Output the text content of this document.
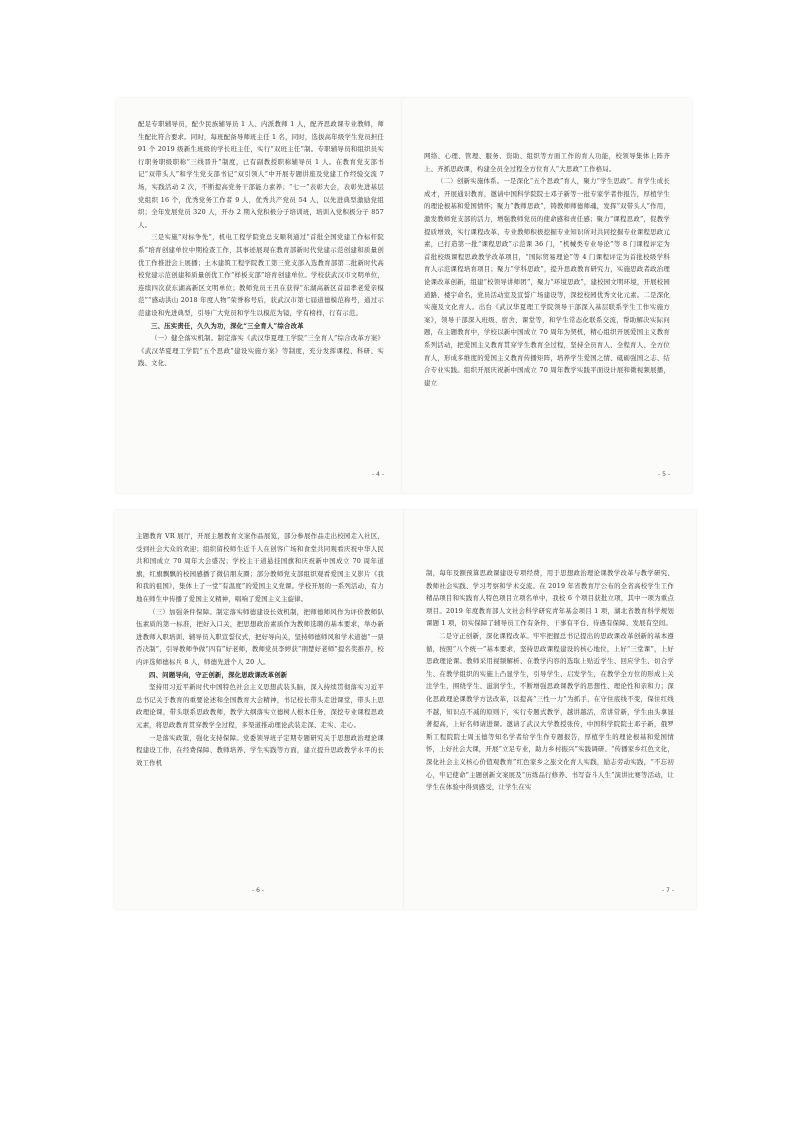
配足专职辅导员，配少民族辅导员 1 人、内派教师 1 人，配齐思政课专业教师，师生配比符合要求。同时，每班配备导师班主任 1 名，同时，选拔高年级学生党员担任 91 个 2019 级新生班级的学长班主任，实行“双班主任”制。专职辅导员和组织员实行职务职级职称“三线晋升”制度，已有副教授职称辅导员 1 人。在教育党支部书记“双带头人”和学生党支部书记“双引领人”中开展专题讲座及党建工作经验交流 7 场，实践活动 2 次，不断提高党务干部能力素养；“七一”表彰大会，表彰先进基层党组织 16 个，优秀党务工作者 9 人，优秀共产党员 54 人，以先进典型激励党组织；全年发展党员 320 人，开办 2 期入党积极分子培训班，培训入党积极分子 857 人。

三是实施“对标争先”，机电工程学院党总支顺利通过“首批全国党建工作标杆院系”培育创建单位中期检查工作，其事迹展现在教育部新时代党建示范创建和质量创优工作推进会上展播；土木建筑工程学院教工第三党支部入选教育部第二批新时代高校党建示范创建和质量创优工作“样板支部”培育创建单位。学校获武汉市文明单位，连续四次获东湖高新区文明单位；教师党员王丑在获得“东湖高新区首届孝老爱亲模范”“感动洪山 2018 年度人物”荣誉称号后，获武汉市第七届道德模范称号，通过示范建设和先进典型，引导广大党员和学生以模范为镜，学有榜样，行有示范。

三、压实责任，久久为功，深化“三全育人”综合改革

（一）健全落实机制。制定落实《武汉华夏理工学院“三全育人”综合改革方案》《武汉华夏理工学院“五个思政”建设实施方案》等制度，充分发挥课程、科研、实践、文化、

- 4 -

网络、心理、管理、服务、资助、组织等方面工作的育人功能，校领导集体上阵齐上、齐抓思政课，构建全员全过程全方位育人“大思政”工作格局。

（二）创新实施体系。一是深化“五个思政”育人，聚力“学生思政”。育学生成长成才，开展通识教育，邀请中国科学院院士邓子新等一批专家学者作报告，厚植学生的理论根基和爱国情怀；聚力“教师思政”，铸教师师德师魂，发挥“双带头人”作用，激发教师党支部的活力，增强教师党员的使命感和责任感；聚力“课程思政”，促教学提质增效，实行课程改革，专业教师积极挖掘专业知识所对共同挖掘专业课程思政元素，已打造第一批“课程思政”示范课 36 门，“机械类专业导论”等 8 门课程评定为首批校级课程思政教学改革项目，“国际贸易理论”等 4 门课程评定为首批校级学科育人示范课程培育项目；聚力“学科思政”，提升思政教育研究力，实施思政者政治理论课改革创新，组建“校领导讲师团”，聚力“环境思政”，建校园文明环境，开展校园道路、楼宇命名，党员活动室及宣誓广场建设等，深挖校园优秀文化元素。二是深化实施及文化育人。出台《武汉华夏理工学院领导干部深入基层联系学生工作实施方案》，领导干部深入班级、宿舍、课堂等，和学生常态化联系交流，帮助解决实际问题，在主题教育中，学校以新中国成立 70 周年为契机，精心组织开展爱国主义教育系列活动，把爱国主义教育贯穿学生教育全过程，坚持全员育人、全程育人、全方位育人，形成多维度的爱国主义教育传播矩阵，培养学生爱国之情、砥砺强国之志、结合专业实践。组织开展庆祝新中国成立 70 周年教学实践平面设计展和微视频展播，建立

- 5 -

主题教育 VR 展厅，开展主题教育文案作品展览，部分参展作品走出校园走入社区，受到社会大众的欢迎；组织留校师生近千人在创客广场和食堂共同观看庆祝中华人民共和国成立 70 周年大会盛况；学校主干道悬挂国旗和庆祝新中国成立 70 周年道旗，红旗飘飘的校园感播了微信朋友圈；部分教师党支部组织观看爱国主义影片《我和我的祖国》，集体上了一堂“有温度”的爱国主义党课。学校开展的一系列活动，有力地在师生中传播了爱国主义精神，唱响了爱国主义主旋律。

（三）加强条件保障。制定落实师德建设长效机制，把师德师风作为评价教师队伍素质的第一标准，把好入口关，把思想政治素质作为教师选聘的基本要求，举办新进教师入职培训、辅导员入职宣誓仪式，把好导向关，坚持师德师风和学术道德“一票否决制”，引导教师争做“四有”好老师，教师党员李婷获“荆楚好老师”提名奖推荐，校内评选师德标兵 8 人，师德先进个人 20 人。

四、问题导向，守正创新，深化思政课改革创新

坚持用习近平新时代中国特色社会主义思想武装头脑，深入持续贯彻落实习近平总书记关于教育的重要论述和全国教育大会精神，书记校长带头走进课堂，带头上思政理论课，带头联系思政教师，教学大纲落实立德树人根本任务，深挖专业课程思政元素，将思政教育贯穿教学全过程，多渠道推动理论武装走深、走实、走心。

一是落实政策，强化支持保障。党委领导班子定期专题研究关于思想政治理论课程建设工作，在经费保障、教师培养、学生实践等方面，建立提升思政教学水平的长效工作机

- 6 -

制，每年及额预算思政课建设专项经费，用于思想政治理论课教学改革与教学研究、教师社会实践、学习考察和学术交流。在 2019 年省教育厅公布的全省高校学生工作精品项目和实践育人特色项目立项名单中，我校 6 个项目获批立项，其中一项为重点项目。2019 年度教育部人文社会科学研究青年基金项目 1 项，湖北省教育科学规划课题 1 项，切实保障了辅导员工作有条件、干事有平台、待遇有保障、发展有空间。

二是守正创新，深化课程改革。牢牢把握总书记提出的思政课改革创新的基本遵循，按照“八个统一”基本要求，坚持思政课程建设的核心地位，上好“三堂课”，上好思政理论课。教师采用视频解析、在教学内容的选取上贴近学生、回应学生、切合学生、在教学组织的实施上凸显学生，引导学生、启发学生，在教学全方位的形成上关注学生，围绕学生、滋润学生，不断增强思政课教学的思想性、理论性和亲和力；深化思政理论课教学方法改革，以提高“三性一力”为抓手，在守住底线不变，保住红线不越，知识点不减的原则下，实行专题式教学，越讲越活，常讲常新，学生由头拿显著提高，上好名师请进课。邀请了武汉大学教授张传，中国科学院院士邓子新，俄罗斯工程院院士周玉德等知名学者给学生作专题报告，厚植学生的理论根基和爱国情怀，上好社会大课，开展“立足专业，助力乡村振兴”实践调研、“传播家乡红色文化，深化社会主义核心价值观教育”红色家乡之旅文化育人实践，励志劳动实践，“不忘初心，牢记使命”主题创新文案展及“历练品行修养、书写奋斗人生”演讲比赛等活动，让学生在体验中得到感受，让学生在实

- 7 -
